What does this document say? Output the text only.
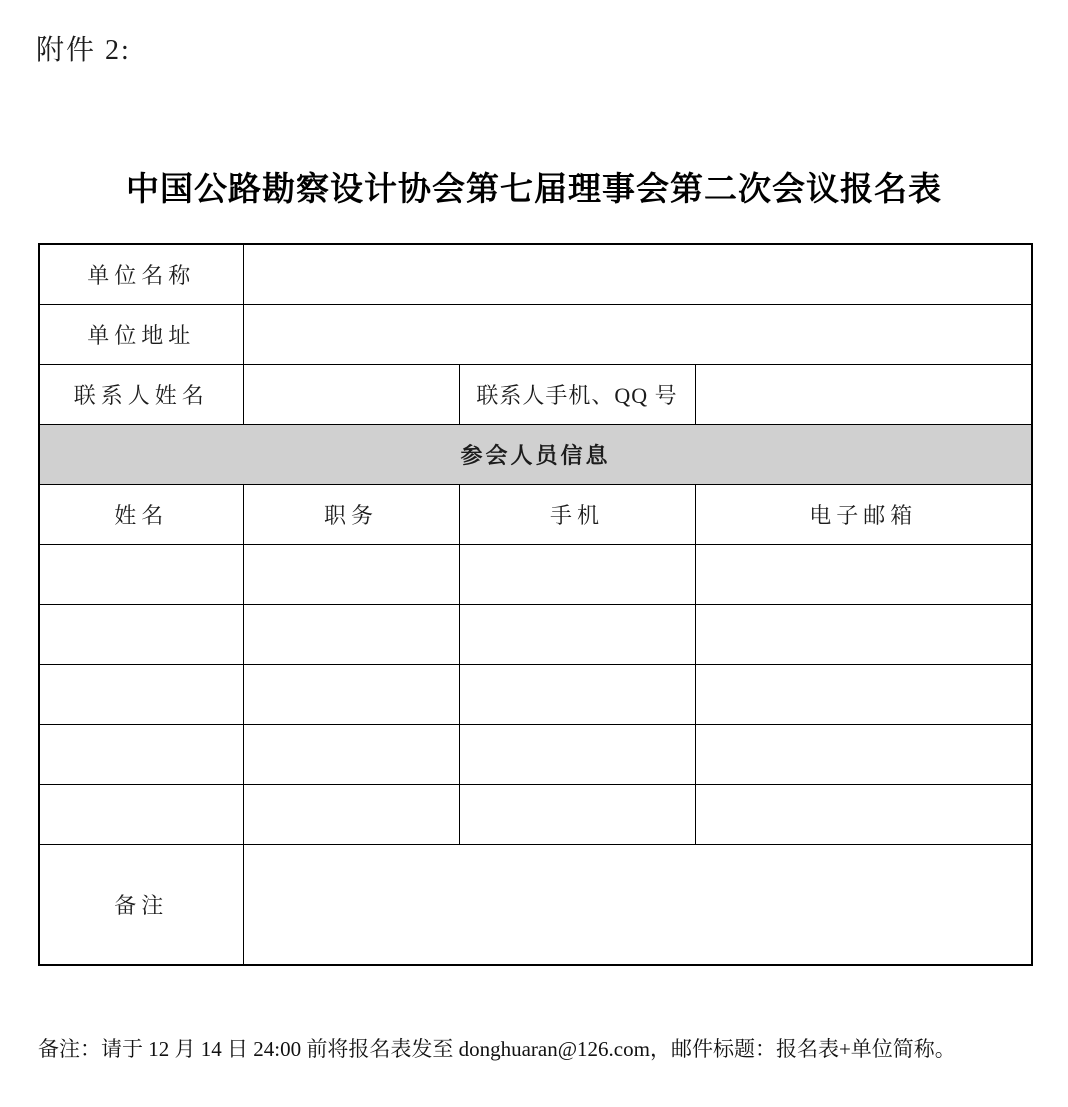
附件 2:
中国公路勘察设计协会第七届理事会第二次会议报名表
单位名称			
单位地址			
联系人姓名		联系人手机、QQ 号	
参会人员信息			
姓名	职务	手机	电子邮箱

备注			
备注：请于 12 月 14 日 24:00 前将报名表发至 donghuaran@126.com，邮件标题：报名表+单位简称。
